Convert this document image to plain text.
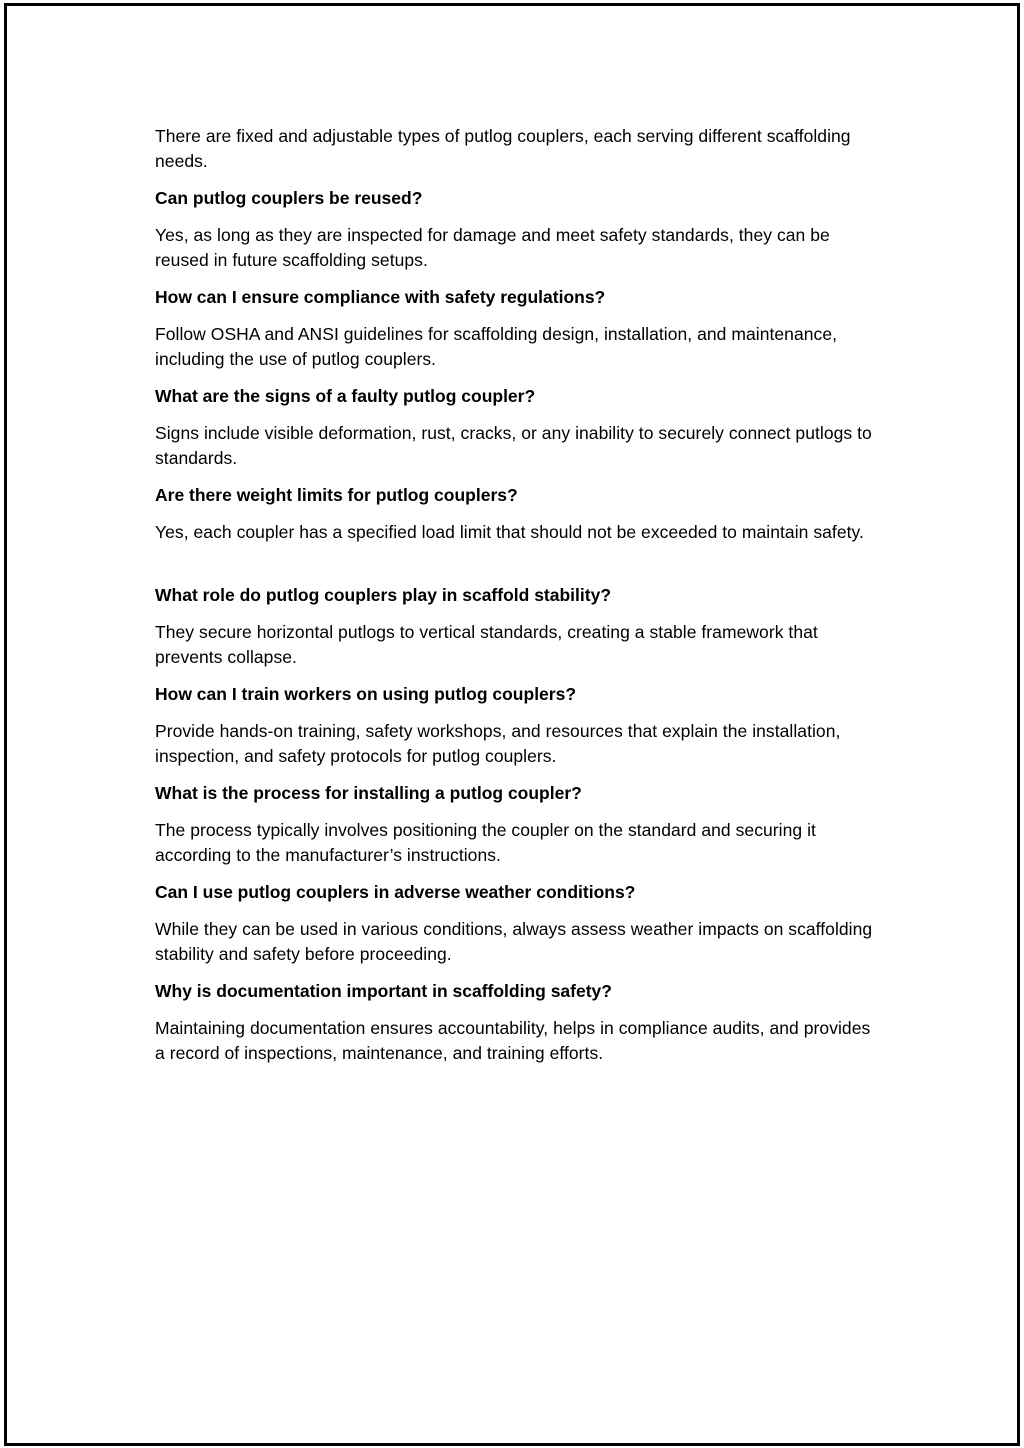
There are fixed and adjustable types of putlog couplers, each serving different scaffolding needs.

Can putlog couplers be reused?

Yes, as long as they are inspected for damage and meet safety standards, they can be reused in future scaffolding setups.

How can I ensure compliance with safety regulations?

Follow OSHA and ANSI guidelines for scaffolding design, installation, and maintenance, including the use of putlog couplers.

What are the signs of a faulty putlog coupler?

Signs include visible deformation, rust, cracks, or any inability to securely connect putlogs to standards.

Are there weight limits for putlog couplers?

Yes, each coupler has a specified load limit that should not be exceeded to maintain safety.

What role do putlog couplers play in scaffold stability?

They secure horizontal putlogs to vertical standards, creating a stable framework that prevents collapse.

How can I train workers on using putlog couplers?

Provide hands-on training, safety workshops, and resources that explain the installation, inspection, and safety protocols for putlog couplers.

What is the process for installing a putlog coupler?

The process typically involves positioning the coupler on the standard and securing it according to the manufacturer’s instructions.

Can I use putlog couplers in adverse weather conditions?

While they can be used in various conditions, always assess weather impacts on scaffolding stability and safety before proceeding.

Why is documentation important in scaffolding safety?

Maintaining documentation ensures accountability, helps in compliance audits, and provides a record of inspections, maintenance, and training efforts.
